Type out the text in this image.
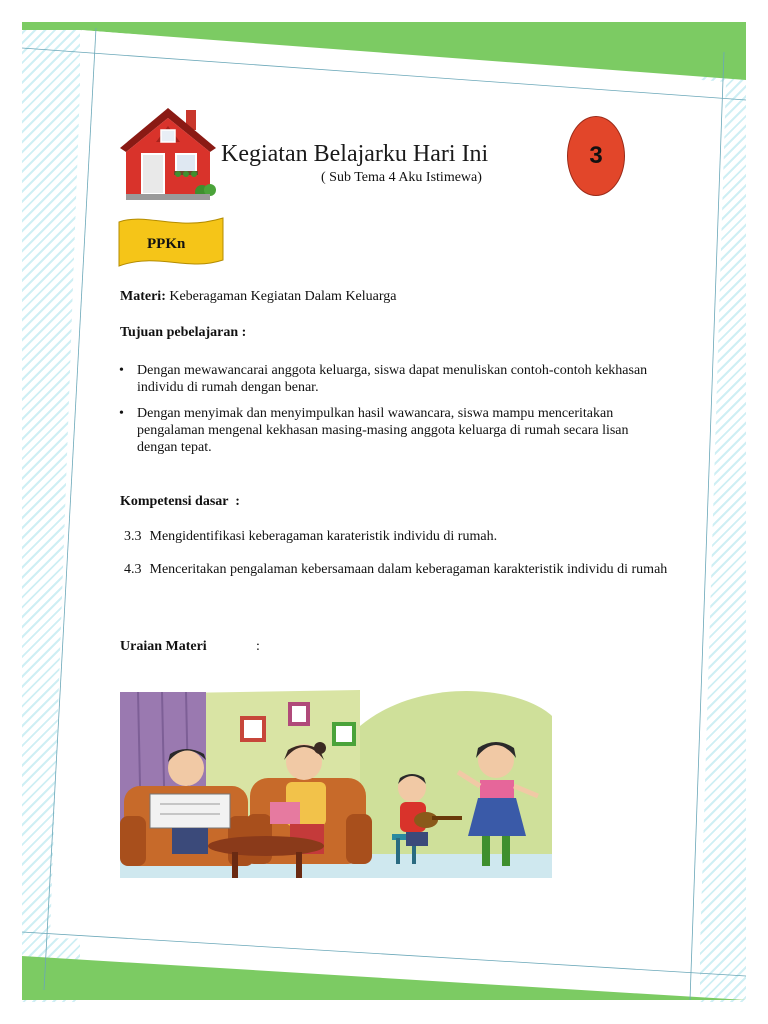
Kegiatan Belajarku Hari Ini
( Sub Tema 4 Aku Istimewa)
3
PPKn
Materi: Keberagaman Kegiatan Dalam Keluarga
Tujuan pebelajaran :
• Dengan mewawancarai anggota keluarga, siswa dapat menuliskan contoh-contoh kekhasan individu di rumah dengan benar.
• Dengan menyimak dan menyimpulkan hasil wawancara, siswa mampu menceritakan pengalaman mengenal kekhasan masing-masing anggota keluarga di rumah secara lisan dengan tepat.
Kompetensi dasar  :
3.3 Mengidentifikasi keberagaman karateristik individu di rumah.
4.3 Menceritakan pengalaman kebersamaan dalam keberagaman karakteristik individu di rumah
Uraian Materi	:
